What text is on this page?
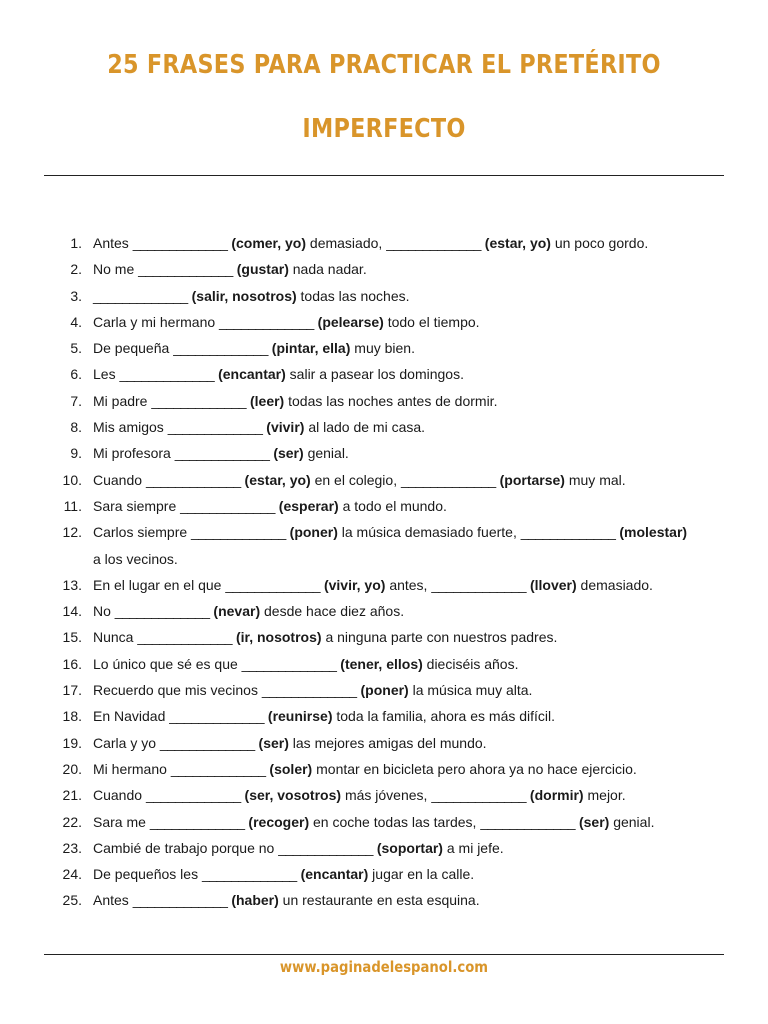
25 FRASES PARA PRACTICAR EL PRETÉRITO
IMPERFECTO
1. Antes _____________ (comer, yo) demasiado, _____________ (estar, yo) un poco gordo.
2. No me _____________ (gustar) nada nadar.
3. _____________ (salir, nosotros) todas las noches.
4. Carla y mi hermano _____________ (pelearse) todo el tiempo.
5. De pequeña _____________ (pintar, ella) muy bien.
6. Les _____________ (encantar) salir a pasear los domingos.
7. Mi padre _____________ (leer) todas las noches antes de dormir.
8. Mis amigos _____________ (vivir) al lado de mi casa.
9. Mi profesora _____________ (ser) genial.
10. Cuando _____________ (estar, yo) en el colegio, _____________ (portarse) muy mal.
11. Sara siempre _____________ (esperar) a todo el mundo.
12. Carlos siempre _____________ (poner) la música demasiado fuerte, _____________ (molestar)
a los vecinos.
13. En el lugar en el que _____________ (vivir, yo) antes, _____________ (llover) demasiado.
14. No _____________ (nevar) desde hace diez años.
15. Nunca _____________ (ir, nosotros) a ninguna parte con nuestros padres.
16. Lo único que sé es que _____________ (tener, ellos) dieciséis años.
17. Recuerdo que mis vecinos _____________ (poner) la música muy alta.
18. En Navidad _____________ (reunirse) toda la familia, ahora es más difícil.
19. Carla y yo _____________ (ser) las mejores amigas del mundo.
20. Mi hermano _____________ (soler) montar en bicicleta pero ahora ya no hace ejercicio.
21. Cuando _____________ (ser, vosotros) más jóvenes, _____________ (dormir) mejor.
22. Sara me _____________ (recoger) en coche todas las tardes, _____________ (ser) genial.
23. Cambié de trabajo porque no _____________ (soportar) a mi jefe.
24. De pequeños les _____________ (encantar) jugar en la calle.
25. Antes _____________ (haber) un restaurante en esta esquina.
www.paginadelespanol.com
